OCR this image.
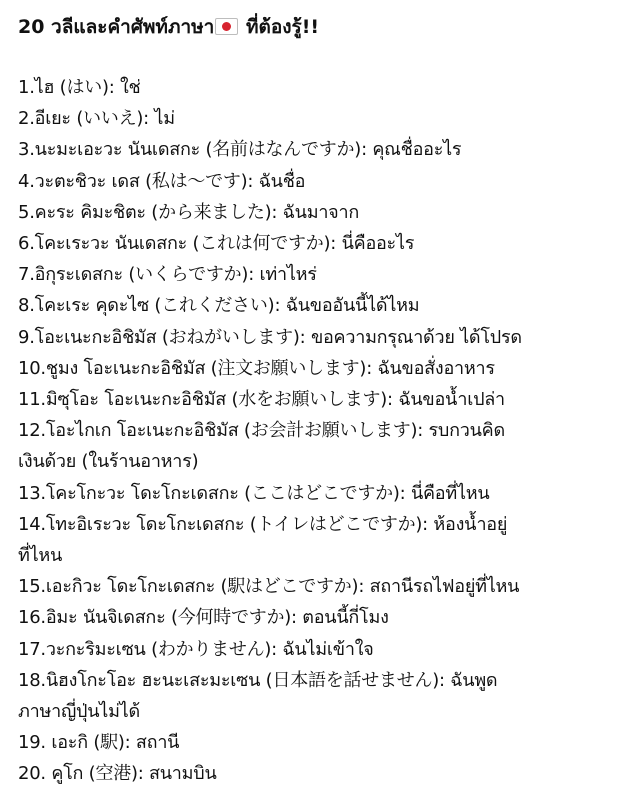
20 วลีและคำศัพท์ภาษา
ที่ต้องรู้!!
1.ไฮ (はい): ใช่
2.อีเยะ (いいえ): ไม่
3.นะมะเอะวะ นันเดสกะ (名前はなんですか): คุณชื่ออะไร
4.วะตะชิวะ เดส (私は〜です): ฉันชื่อ
5.คะระ คิมะชิตะ (から来ました): ฉันมาจาก
6.โคะเระวะ นันเดสกะ (これは何ですか): นี่คืออะไร
7.อิกุระเดสกะ (いくらですか): เท่าไหร่
8.โคะเระ คุดะไซ (これください): ฉันขออันนี้ได้ไหม
9.โอะเนะกะอิชิมัส (おねがいします): ขอความกรุณาด้วย ได้โปรด
10.ชูมง โอะเนะกะอิชิมัส (注文お願いします): ฉันขอสั่งอาหาร
11.มิซุโอะ โอะเนะกะอิชิมัส (水をお願いします): ฉันขอน้ำเปล่า
12.โอะไกเก โอะเนะกะอิชิมัส (お会計お願いします): รบกวนคิด
เงินด้วย (ในร้านอาหาร)
13.โคะโกะวะ โดะโกะเดสกะ (ここはどこですか): นี่คือที่ไหน
14.โทะอิเระวะ โดะโกะเดสกะ (トイレはどこですか): ห้องน้ำอยู่
ที่ไหน
15.เอะกิวะ โดะโกะเดสกะ (駅はどこですか): สถานีรถไฟอยู่ที่ไหน
16.อิมะ นันจิเดสกะ (今何時ですか): ตอนนี้กี่โมง
17.วะกะริมะเซน (わかりません): ฉันไม่เข้าใจ
18.นิฮงโกะโอะ ฮะนะเสะมะเซน (日本語を話せません): ฉันพูด
ภาษาญี่ปุ่นไม่ได้
19. เอะกิ (駅): สถานี
20. คูโก (空港): สนามบิน
